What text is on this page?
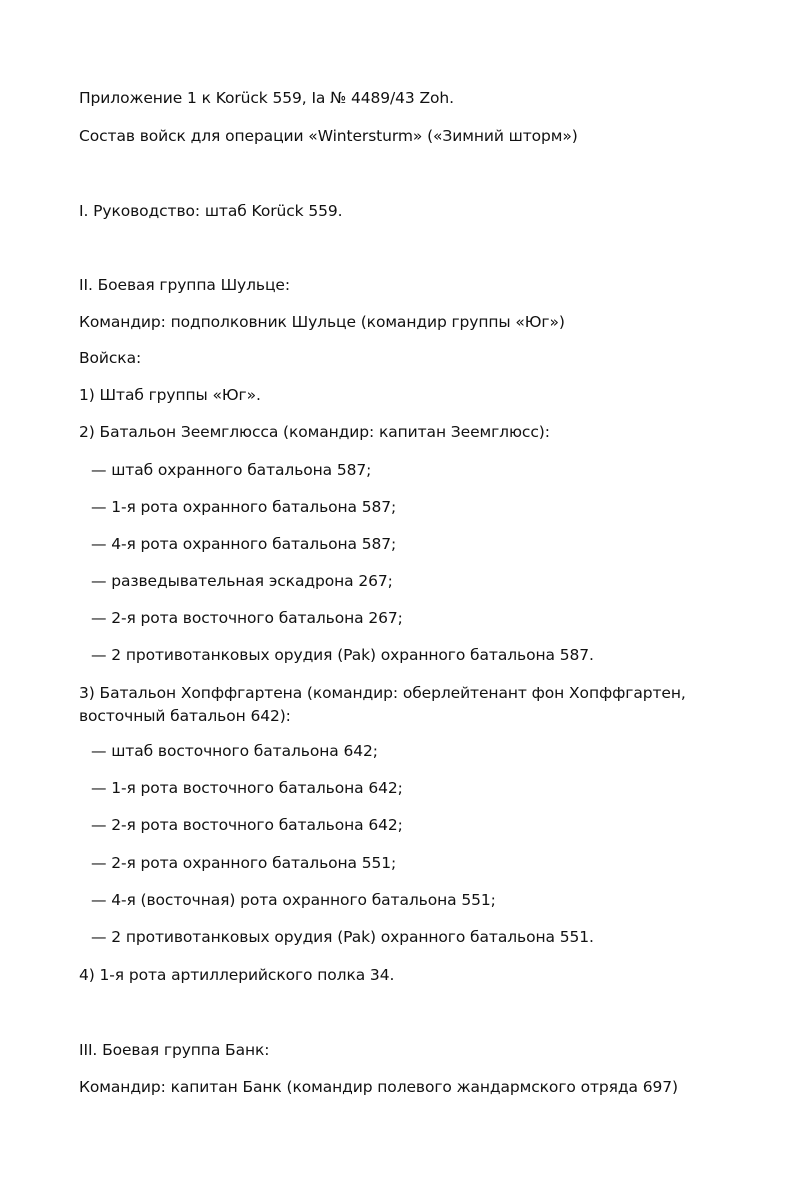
Приложение 1 к Korück 559, Ia № 4489/43 Zoh.
Состав войск для операции «Wintersturm» («Зимний шторм»)
I. Руководство: штаб Korück 559.
II. Боевая группа Шульце:
Командир: подполковник Шульце (командир группы «Юг»)
Войска:
1) Штаб группы «Юг».
2) Батальон Зеемглюсса (командир: капитан Зеемглюсс):
— штаб охранного батальона 587;
— 1-я рота охранного батальона 587;
— 4-я рота охранного батальона 587;
— разведывательная эскадрона 267;
— 2-я рота восточного батальона 267;
— 2 противотанковых орудия (Pak) охранного батальона 587.
3) Батальон Хопффгартена (командир: оберлейтенант фон Хопффгартен,
восточный батальон 642):
— штаб восточного батальона 642;
— 1-я рота восточного батальона 642;
— 2-я рота восточного батальона 642;
— 2-я рота охранного батальона 551;
— 4-я (восточная) рота охранного батальона 551;
— 2 противотанковых орудия (Pak) охранного батальона 551.
4) 1-я рота артиллерийского полка 34.
III. Боевая группа Банк:
Командир: капитан Банк (командир полевого жандармского отряда 697)
